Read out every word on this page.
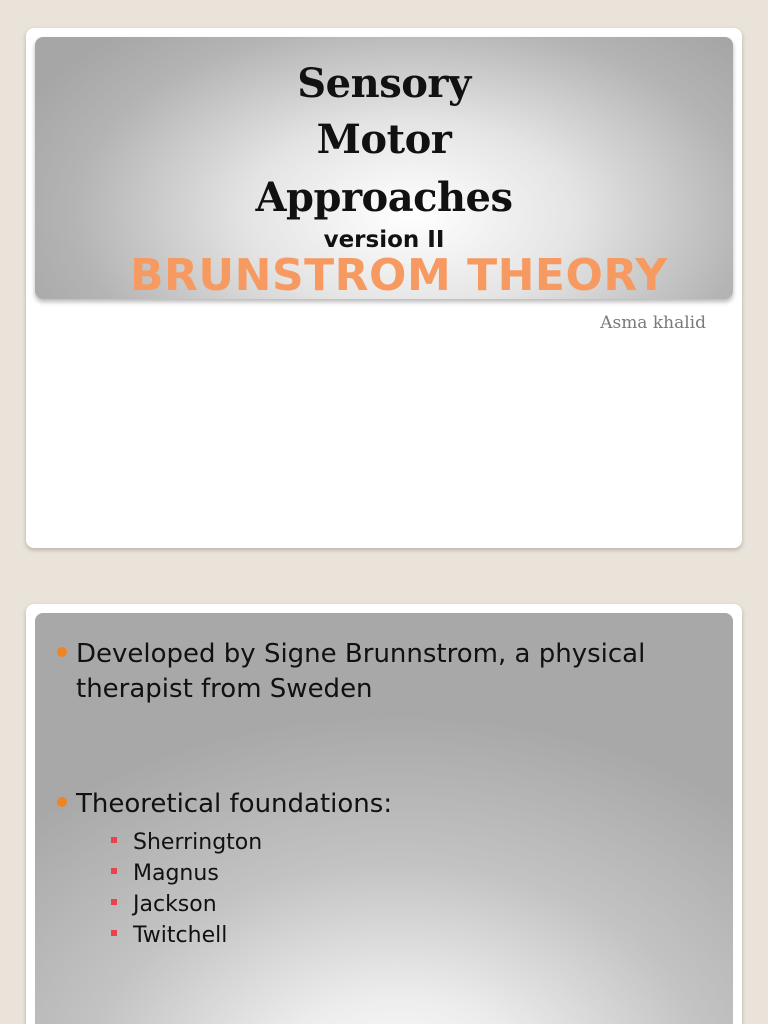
Sensory
Motor
Approaches
version II
BRUNSTROM THEORY
Asma khalid
Developed by Signe Brunnstrom, a physical therapist from Sweden
Theoretical foundations:
Sherrington
Magnus
Jackson
Twitchell
